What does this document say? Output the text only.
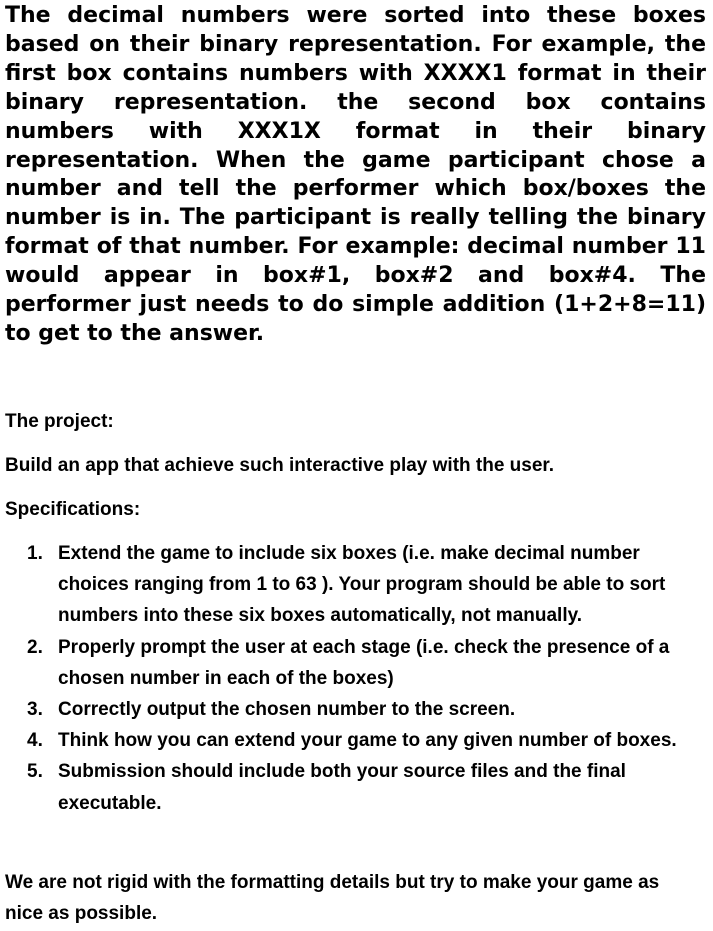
The decimal numbers were sorted into these boxes based on their binary representation. For example, the first box contains numbers with XXXX1 format in their binary representation. the second box contains numbers with XXX1X format in their binary representation. When the game participant chose a number and tell the performer which box/boxes the number is in. The participant is really telling the binary format of that number. For example: decimal number 11 would appear in box#1, box#2 and box#4. The performer just needs to do simple addition (1+2+8=11) to get to the answer.

The project:

Build an app that achieve such interactive play with the user.

Specifications:

1. Extend the game to include six boxes (i.e. make decimal number choices ranging from 1 to 63 ). Your program should be able to sort numbers into these six boxes automatically, not manually.
2. Properly prompt the user at each stage (i.e. check the presence of a chosen number in each of the boxes)
3. Correctly output the chosen number to the screen.
4. Think how you can extend your game to any given number of boxes.
5. Submission should include both your source files and the final executable.

We are not rigid with the formatting details but try to make your game as nice as possible.
